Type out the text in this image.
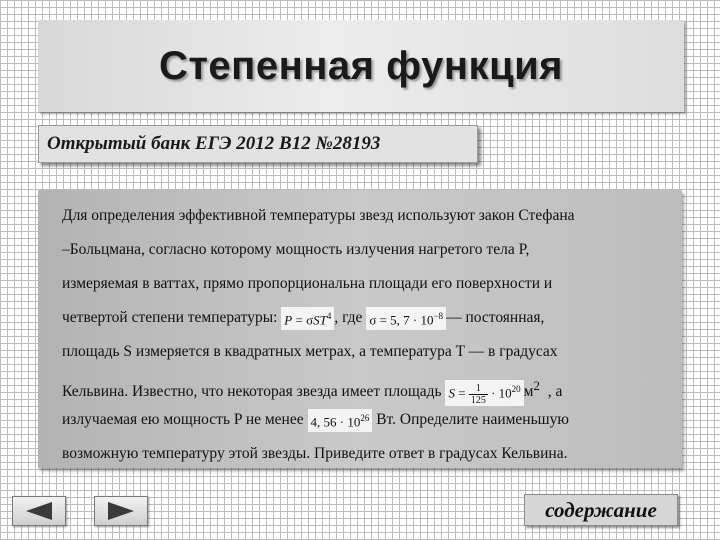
Степенная функция
Открытый банк ЕГЭ 2012 B12 №28193
Для определения эффективной температуры звезд используют закон Стефана
–Больцмана, согласно которому мощность излучения нагретого тела P,
измеряемая в ваттах, прямо пропорциональна площади его поверхности и
четвертой степени температуры: P = σST$^4$ , где σ = 5, $7 \cdot 10^{-8}$ — постоянная,
площадь S измеряется в квадратных метрах, а температура T — в градусах
Кельвина. Известно, что некоторая звезда имеет площадь $S = \frac{1}{125} \cdot 10^{20}$ $м^2$ , а
излучаемая ею мощность P не менее 4, $56 \cdot 10^{26}$ Вт. Определите наименьшую
возможную температуру этой звезды. Приведите ответ в градусах Кельвина.
содержание
